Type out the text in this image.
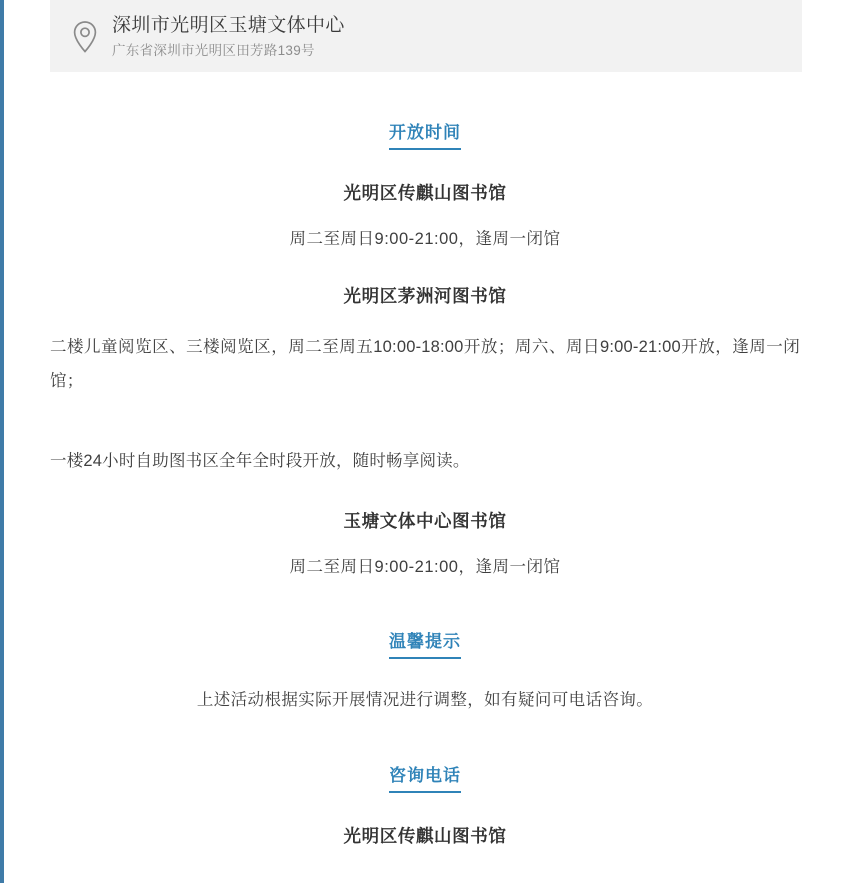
深圳市光明区玉塘文体中心
广东省深圳市光明区田芳路139号
开放时间
光明区传麒山图书馆
周二至周日9:00-21:00，逢周一闭馆
光明区茅洲河图书馆
二楼儿童阅览区、三楼阅览区，周二至周五10:00-18:00开放；周六、周日9:00-21:00开放，逢周一闭馆；
一楼24小时自助图书区全年全时段开放，随时畅享阅读。
玉塘文体中心图书馆
周二至周日9:00-21:00，逢周一闭馆
温馨提示
上述活动根据实际开展情况进行调整，如有疑问可电话咨询。
咨询电话
光明区传麒山图书馆
